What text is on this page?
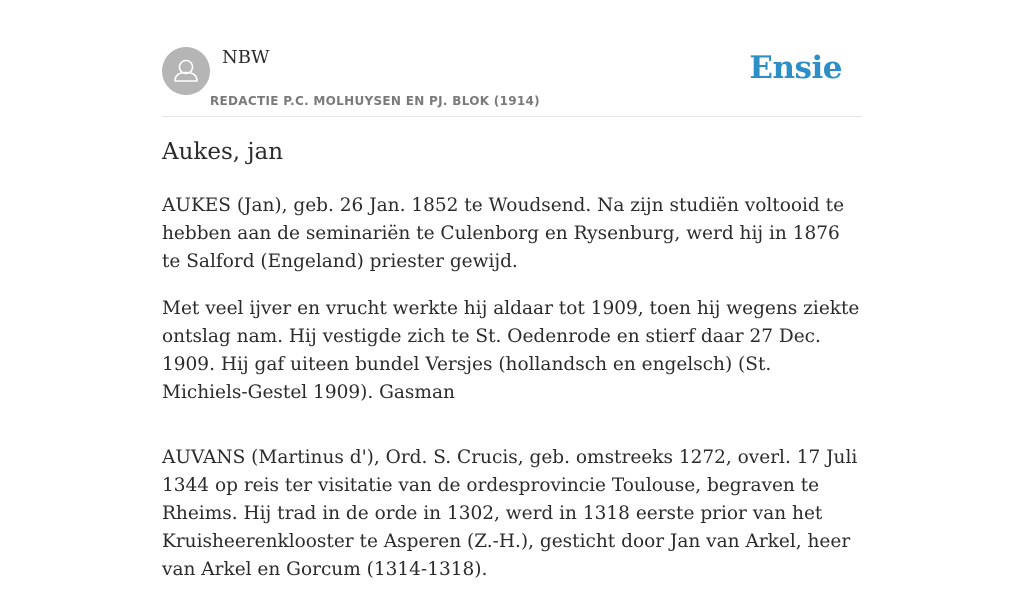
NBW
REDACTIE P.C. MOLHUYSEN EN PJ. BLOK (1914)
Ensie
Aukes, jan

AUKES (Jan), geb. 26 Jan. 1852 te Woudsend. Na zijn studiën voltooid te hebben aan de seminariën te Culenborg en Rysenburg, werd hij in 1876 te Salford (Engeland) priester gewijd.

Met veel ijver en vrucht werkte hij aldaar tot 1909, toen hij wegens ziekte ontslag nam. Hij vestigde zich te St. Oedenrode en stierf daar 27 Dec. 1909. Hij gaf uiteen bundel Versjes (hollandsch en engelsch) (St. Michiels-Gestel 1909). Gasman

AUVANS (Martinus d'), Ord. S. Crucis, geb. omstreeks 1272, overl. 17 Juli 1344 op reis ter visitatie van de ordesprovincie Toulouse, begraven te Rheims. Hij trad in de orde in 1302, werd in 1318 eerste prior van het Kruisheerenklooster te Asperen (Z.-H.), gesticht door Jan van Arkel, heer van Arkel en Gorcum (1314-1318).
